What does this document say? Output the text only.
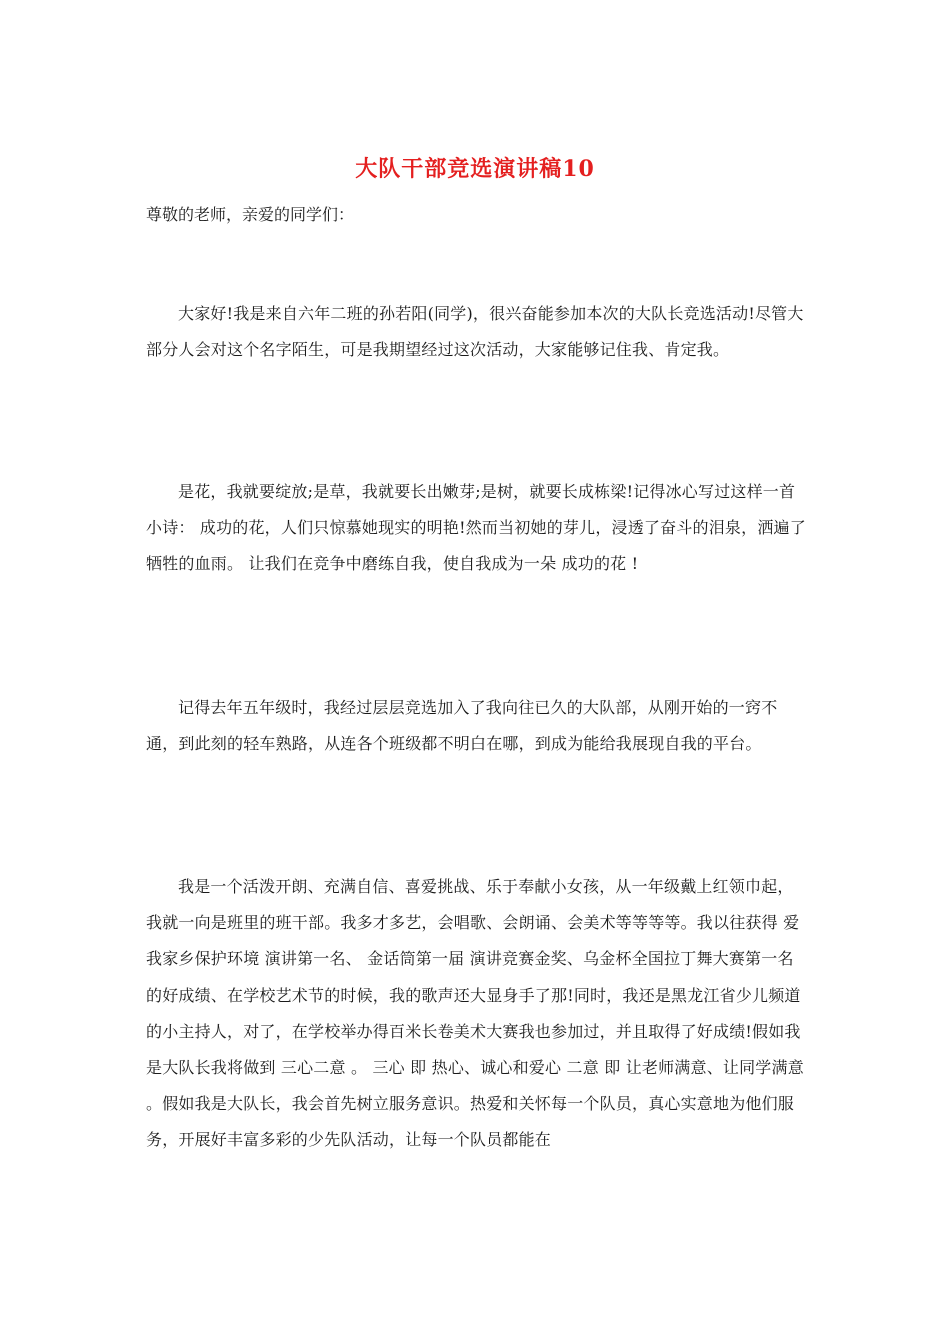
大队干部竞选演讲稿10

尊敬的老师，亲爱的同学们：

大家好!我是来自六年二班的孙若阳(同学)，很兴奋能参加本次的大队长竞选活动!尽管大部分人会对这个名字陌生，可是我期望经过这次活动，大家能够记住我、肯定我。

是花，我就要绽放;是草，我就要长出嫩芽;是树，就要长成栋梁!记得冰心写过这样一首小诗： 成功的花，人们只惊慕她现实的明艳!然而当初她的芽儿，浸透了奋斗的泪泉，洒遍了牺牲的血雨。 让我们在竞争中磨练自我，使自我成为一朵 成功的花 !

记得去年五年级时，我经过层层竞选加入了我向往已久的大队部，从刚开始的一窍不通，到此刻的轻车熟路，从连各个班级都不明白在哪，到成为能给我展现自我的平台。

我是一个活泼开朗、充满自信、喜爱挑战、乐于奉献小女孩，从一年级戴上红领巾起，我就一向是班里的班干部。我多才多艺，会唱歌、会朗诵、会美术等等等等。我以往获得 爱我家乡保护环境 演讲第一名、 金话筒第一届 演讲竞赛金奖、乌金杯全国拉丁舞大赛第一名的好成绩、在学校艺术节的时候，我的歌声还大显身手了那!同时，我还是黑龙江省少儿频道的小主持人，对了，在学校举办得百米长卷美术大赛我也参加过，并且取得了好成绩!假如我是大队长我将做到 三心二意 。 三心 即 热心、诚心和爱心 二意 即 让老师满意、让同学满意 。假如我是大队长，我会首先树立服务意识。热爱和关怀每一个队员，真心实意地为他们服务，开展好丰富多彩的少先队活动，让每一个队员都能在
